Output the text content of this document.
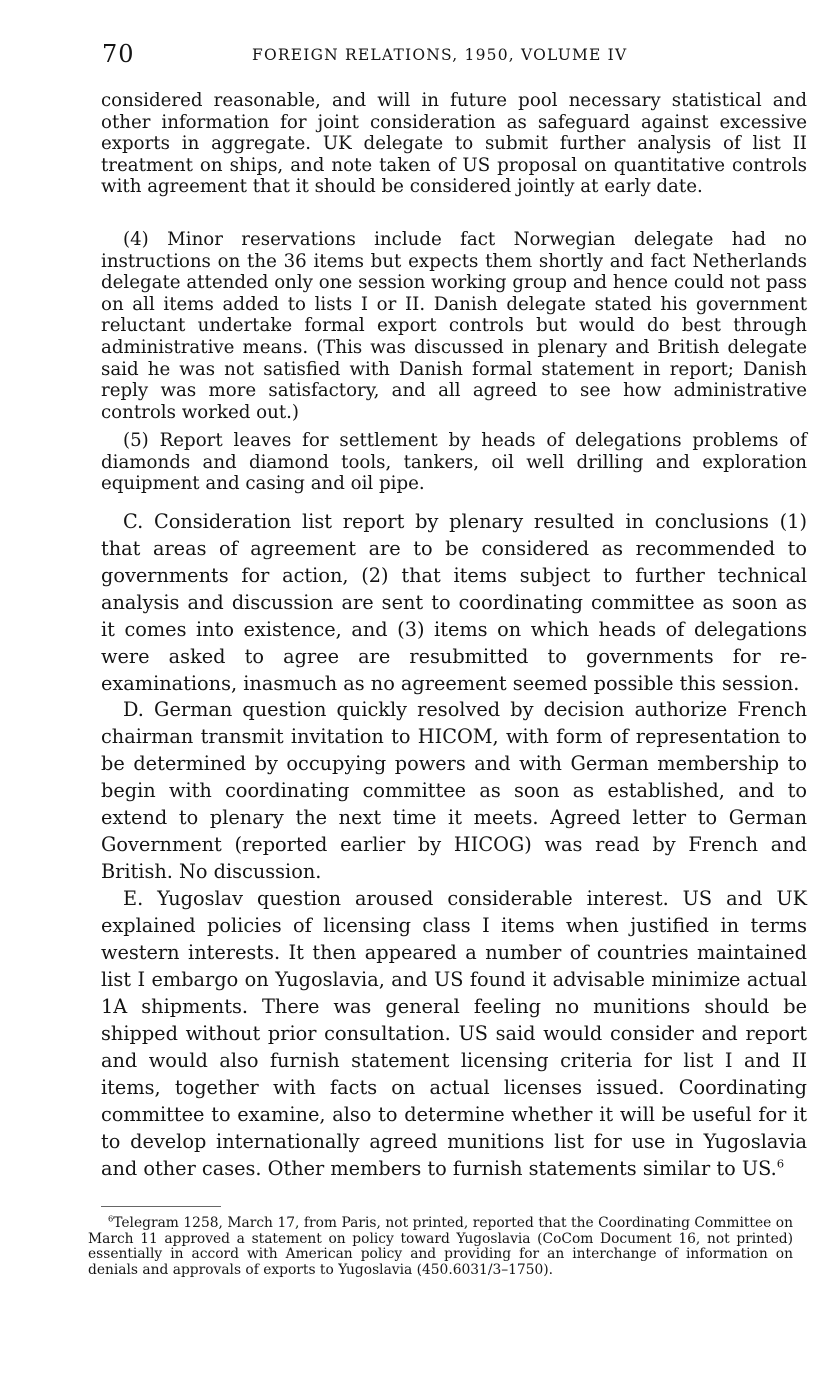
70	FOREIGN RELATIONS, 1950, VOLUME IV

considered reasonable, and will in future pool necessary statistical and other information for joint consideration as safeguard against excessive exports in aggregate. UK delegate to submit further analysis of list II treatment on ships, and note taken of US proposal on quantitative controls with agreement that it should be considered jointly at early date.

(4) Minor reservations include fact Norwegian delegate had no instructions on the 36 items but expects them shortly and fact Netherlands delegate attended only one session working group and hence could not pass on all items added to lists I or II. Danish delegate stated his government reluctant undertake formal export controls but would do best through administrative means. (This was discussed in plenary and British delegate said he was not satisfied with Danish formal statement in report; Danish reply was more satisfactory, and all agreed to see how administrative controls worked out.)

(5) Report leaves for settlement by heads of delegations problems of diamonds and diamond tools, tankers, oil well drilling and exploration equipment and casing and oil pipe.

C. Consideration list report by plenary resulted in conclusions (1) that areas of agreement are to be considered as recommended to governments for action, (2) that items subject to further technical analysis and discussion are sent to coordinating committee as soon as it comes into existence, and (3) items on which heads of delegations were asked to agree are resubmitted to governments for re-examinations, inasmuch as no agreement seemed possible this session.

D. German question quickly resolved by decision authorize French chairman transmit invitation to HICOM, with form of representation to be determined by occupying powers and with German membership to begin with coordinating committee as soon as established, and to extend to plenary the next time it meets. Agreed letter to German Government (reported earlier by HICOG) was read by French and British. No discussion.

E. Yugoslav question aroused considerable interest. US and UK explained policies of licensing class I items when justified in terms western interests. It then appeared a number of countries maintained list I embargo on Yugoslavia, and US found it advisable minimize actual 1A shipments. There was general feeling no munitions should be shipped without prior consultation. US said would consider and report and would also furnish statement licensing criteria for list I and II items, together with facts on actual licenses issued. Coordinating committee to examine, also to determine whether it will be useful for it to develop internationally agreed munitions list for use in Yugoslavia and other cases. Other members to furnish statements similar to US.$^6$

$^6$Telegram 1258, March 17, from Paris, not printed, reported that the Coordinating Committee on March 11 approved a statement on policy toward Yugoslavia (CoCom Document 16, not printed) essentially in accord with American policy and providing for an interchange of information on denials and approvals of exports to Yugoslavia (450.6031/3–1750).
